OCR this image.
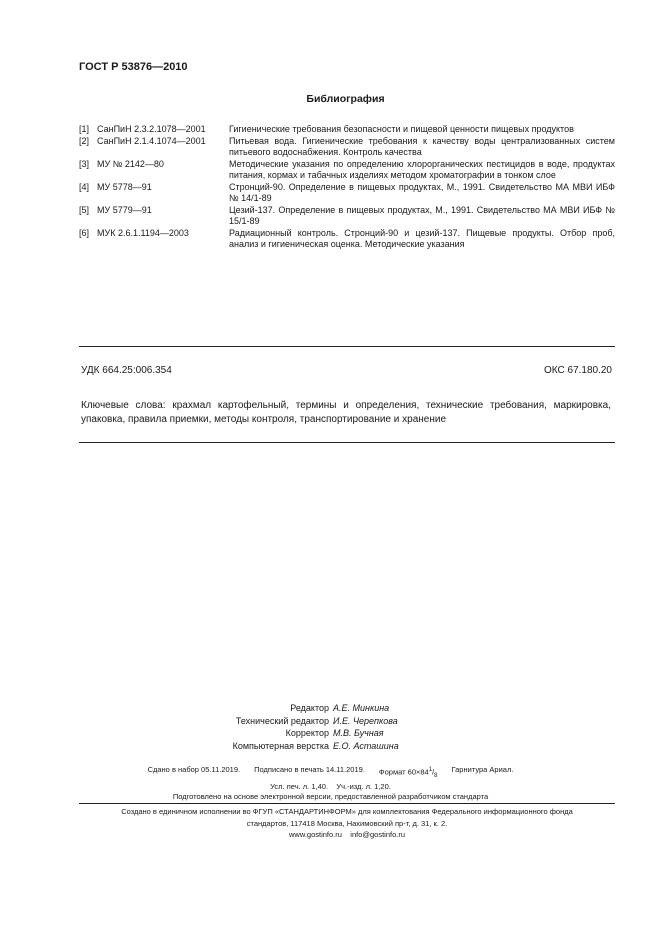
ГОСТ Р 53876—2010
Библиография
[1] СанПиН 2.3.2.1078—2001	Гигиенические требования безопасности и пищевой ценности пищевых продуктов
[2] СанПиН 2.1.4.1074—2001	Питьевая вода. Гигиенические требования к качеству воды централизованных систем питьевого водоснабжения. Контроль качества
[3] МУ № 2142—80	Методические указания по определению хлорорганических пестицидов в воде, продуктах питания, кормах и табачных изделиях методом хроматографии в тонком слое
[4] МУ 5778—91	Стронций-90. Определение в пищевых продуктах, М., 1991. Свидетельство МА МВИ ИБФ № 14/1-89
[5] МУ 5779—91	Цезий-137. Определение в пищевых продуктах, М., 1991. Свидетельство МА МВИ ИБФ № 15/1-89
[6] МУК 2.6.1.1194—2003	Радиационный контроль. Стронций-90 и цезий-137. Пищевые продукты. Отбор проб, анализ и гигиеническая оценка. Методические указания
УДК 664.25:006.354	ОКС 67.180.20
Ключевые слова: крахмал картофельный, термины и определения, технические требования, маркировка, упаковка, правила приемки, методы контроля, транспортирование и хранение
Редактор А.Е. Минкина
Технический редактор И.Е. Черепкова
Корректор М.В. Бучная
Компьютерная верстка Е.О. Асташина
Сдано в набор 05.11.2019. Подписано в печать 14.11.2019. Формат $60\times 84^1/_8$
Гарнитура Ариал.
Усл. печ. л. 1,40. Уч.-изд. л. 1,20.
Подготовлено на основе электронной версии, предоставленной разработчиком стандарта
Создано в единичном исполнении во ФГУП «СТАНДАРТИНФОРМ» для комплектования Федерального информационного фонда
стандартов, 117418 Москва, Нахимовский пр-т, д. 31, к. 2.
www.gostinfo.ru info@gostinfo.ru
